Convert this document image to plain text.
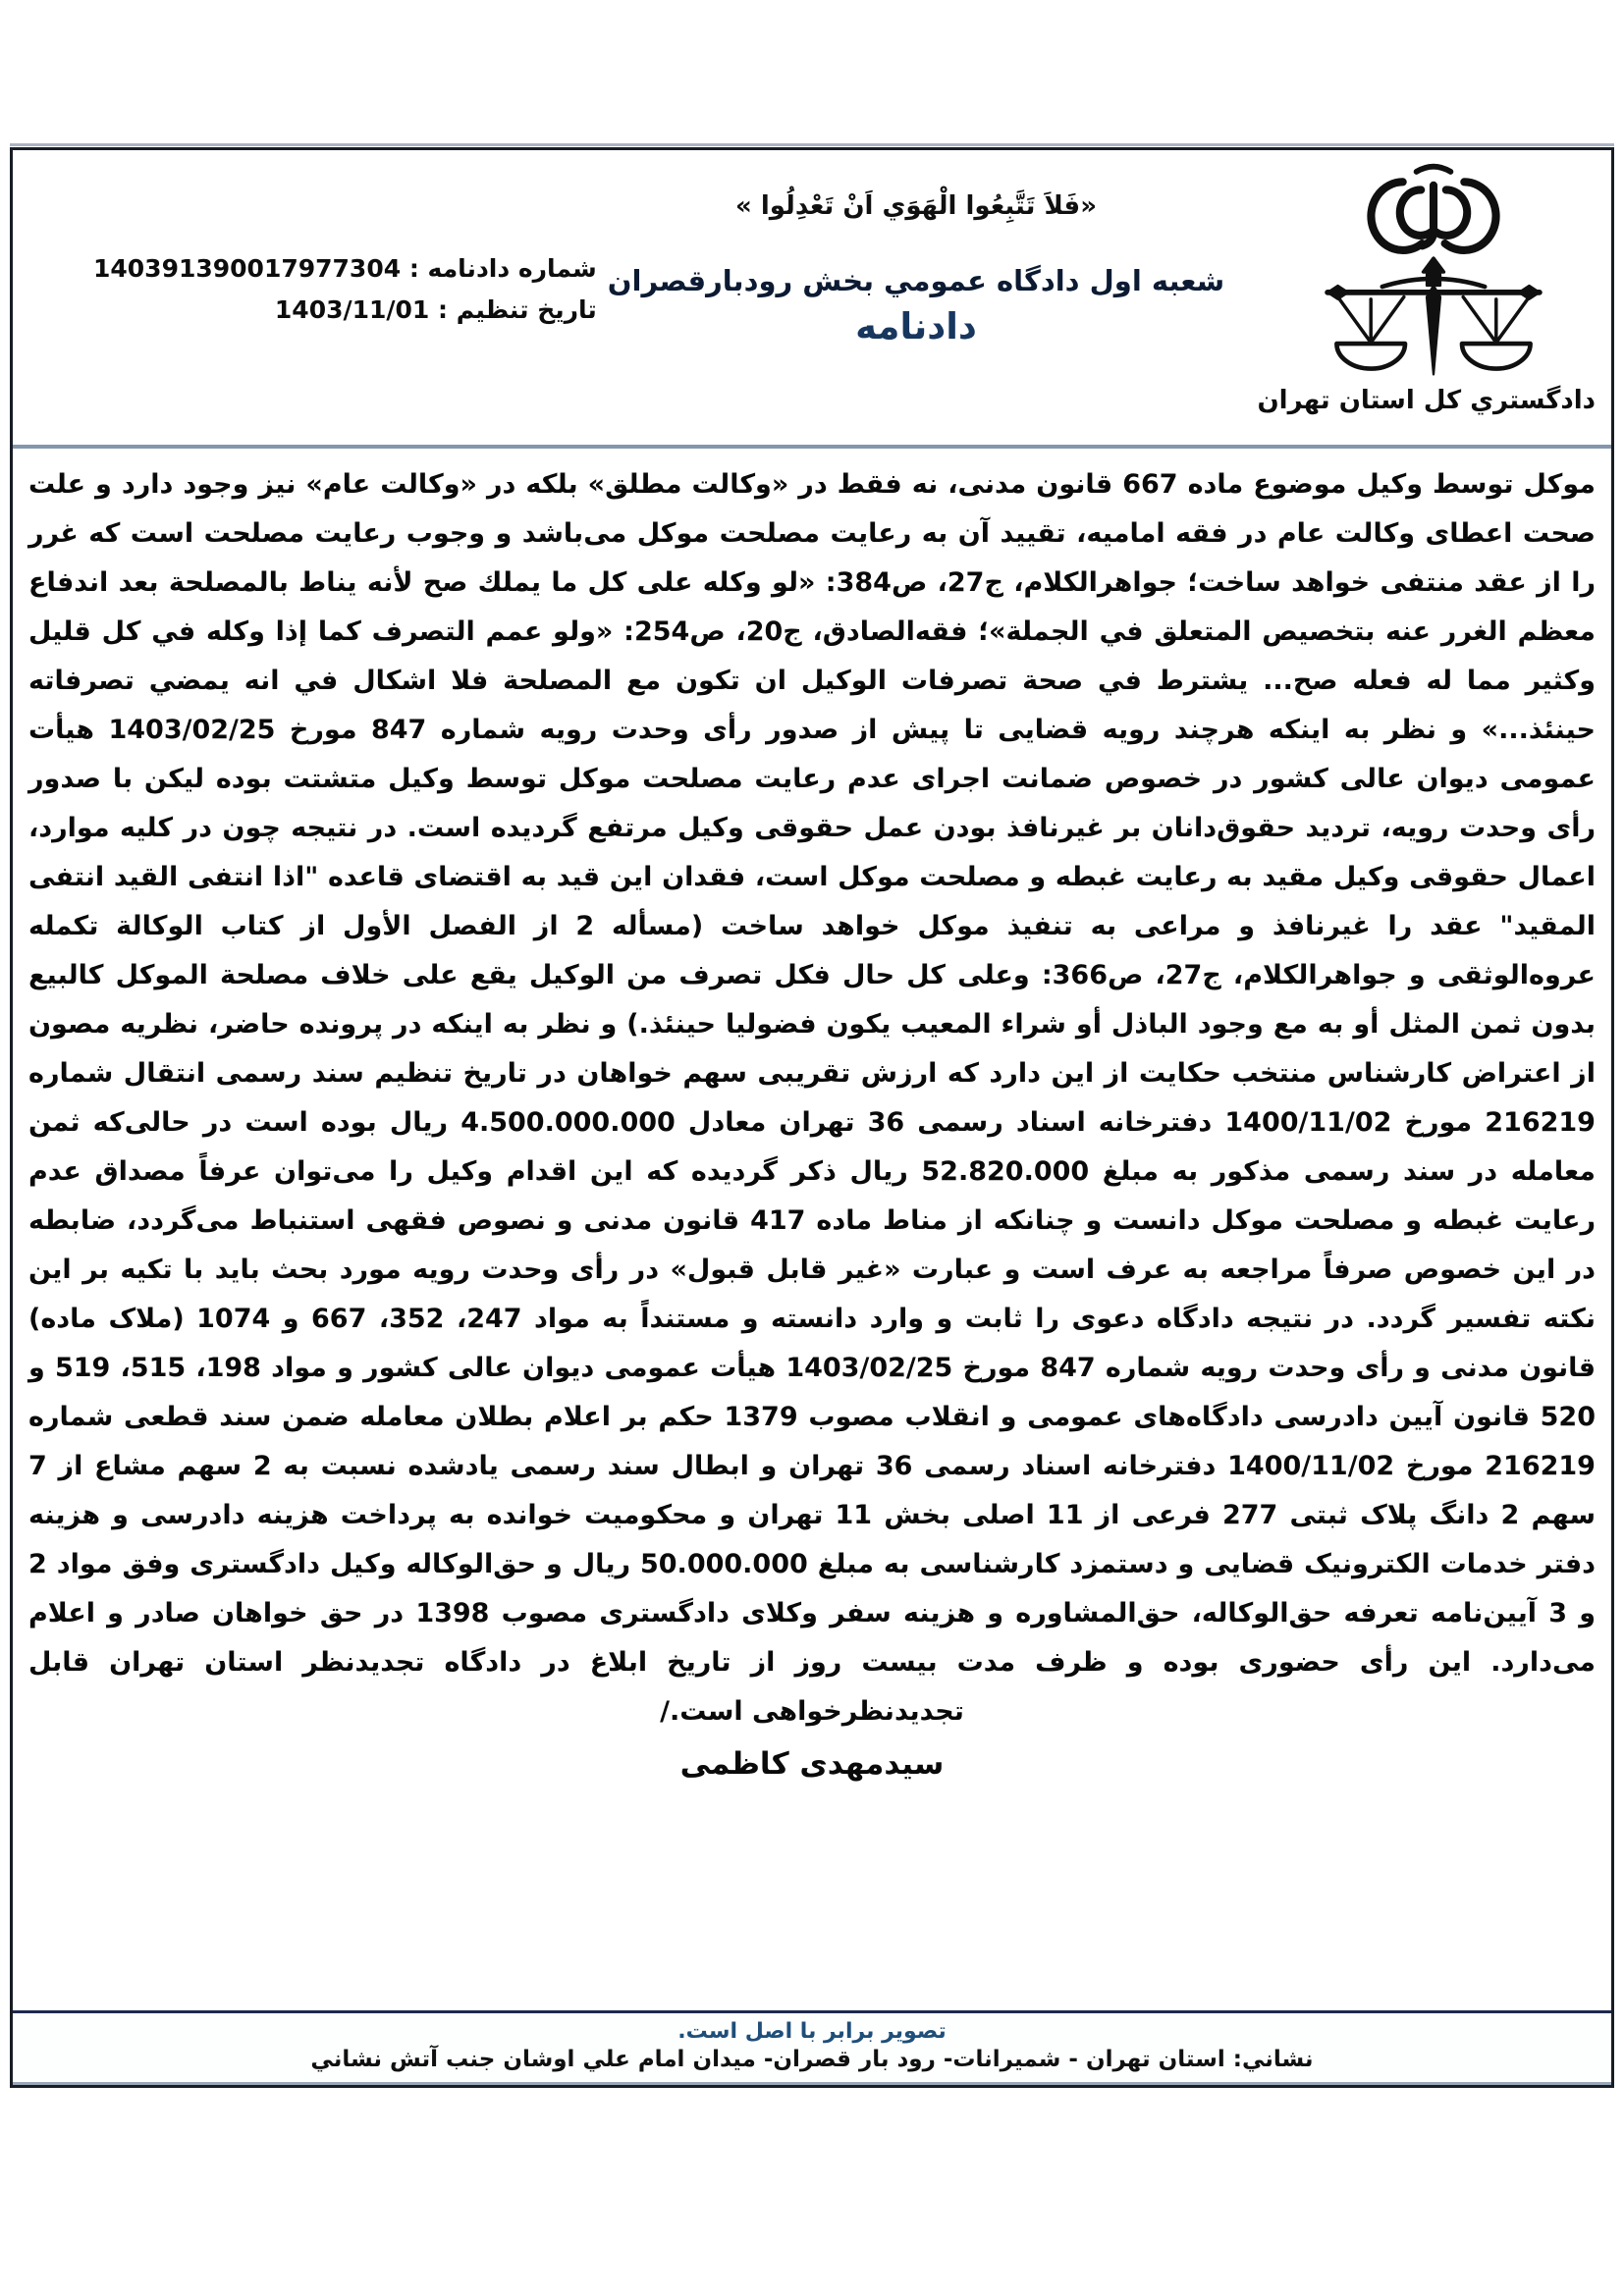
شماره دادنامه : 140391390017977304
تاریخ تنظیم : 1403/11/01
«فَلاَ تَتَّبِعُوا الْهَوَي اَنْ تَعْدِلُوا »
شعبه اول دادگاه عمومي بخش رودبارقصران
دادنامه
دادگستري کل استان تهران

موکل توسط وکیل موضوع ماده 667 قانون مدنی، نه فقط در «وکالت مطلق» بلکه در «وکالت عام» نیز وجود دارد و علت صحت اعطای وکالت عام در فقه امامیه، تقیید آن به رعایت مصلحت موکل می‌باشد و وجوب رعایت مصلحت است که غرر را از عقد منتفی خواهد ساخت؛ جواهرالکلام، ج27، ص384: «لو وکله علی کل ما یملك صح لأنه یناط بالمصلحة بعد اندفاع معظم الغرر عنه بتخصیص المتعلق في الجملة»؛ فقه‌الصادق، ج20، ص254: «ولو عمم التصرف کما إذا وکله في کل قلیل وکثیر مما له فعله صح... یشترط في صحة تصرفات الوکیل ان تکون مع المصلحة فلا اشکال في انه یمضي تصرفاته حینئذ...» و نظر به اینکه هرچند رویه قضایی تا پیش از صدور رأی وحدت رویه شماره 847 مورخ 1403/02/25 هیأت عمومی دیوان عالی کشور در خصوص ضمانت اجرای عدم رعایت مصلحت موکل توسط وکیل متشتت بوده لیکن با صدور رأی وحدت رویه، تردید حقوق‌دانان بر غیرنافذ بودن عمل حقوقی وکیل مرتفع گردیده است. در نتیجه چون در کلیه موارد، اعمال حقوقی وکیل مقید به رعایت غبطه و مصلحت موکل است، فقدان این قید به اقتضای قاعده "اذا انتفی القید انتفی المقید" عقد را غیرنافذ و مراعی به تنفیذ موکل خواهد ساخت (مسأله 2 از الفصل الأول از کتاب الوکالة تکمله عروه‌الوثقی و جواهرالکلام، ج27، ص366: وعلی کل حال فکل تصرف من الوکیل یقع علی خلاف مصلحة الموکل کالبیع بدون ثمن المثل أو به مع وجود الباذل أو شراء المعیب یکون فضولیا حینئذ.) و نظر به اینکه در پرونده حاضر، نظریه مصون از اعتراض کارشناس منتخب حکایت از این دارد که ارزش تقریبی سهم خواهان در تاریخ تنظیم سند رسمی انتقال شماره 216219 مورخ 1400/11/02 دفترخانه اسناد رسمی 36 تهران معادل 4.500.000.000 ریال بوده است در حالی‌که ثمن معامله در سند رسمی مذکور به مبلغ 52.820.000 ریال ذکر گردیده که این اقدام وکیل را می‌توان عرفاً مصداق عدم رعایت غبطه و مصلحت موکل دانست و چنانکه از مناط ماده 417 قانون مدنی و نصوص فقهی استنباط می‌گردد، ضابطه در این خصوص صرفاً مراجعه به عرف است و عبارت «غیر قابل قبول» در رأی وحدت رویه مورد بحث باید با تکیه بر این نکته تفسیر گردد. در نتیجه دادگاه دعوی را ثابت و وارد دانسته و مستنداً به مواد 247، 352، 667 و 1074 (ملاک ماده) قانون مدنی و رأی وحدت رویه شماره 847 مورخ 1403/02/25 هیأت عمومی دیوان عالی کشور و مواد 198، 515، 519 و 520 قانون آیین دادرسی دادگاه‌های عمومی و انقلاب مصوب 1379 حکم بر اعلام بطلان معامله ضمن سند قطعی شماره 216219 مورخ 1400/11/02 دفترخانه اسناد رسمی 36 تهران و ابطال سند رسمی یادشده نسبت به 2 سهم مشاع از 7 سهم 2 دانگ پلاک ثبتی 277 فرعی از 11 اصلی بخش 11 تهران و محکومیت خوانده به پرداخت هزینه دادرسی و هزینه دفتر خدمات الکترونیک قضایی و دستمزد کارشناسی به مبلغ 50.000.000 ریال و حق‌الوکاله وکیل دادگستری وفق مواد 2 و 3 آیین‌نامه تعرفه حق‌الوکاله، حق‌المشاوره و هزینه سفر وکلای دادگستری مصوب 1398 در حق خواهان صادر و اعلام می‌دارد. این رأی حضوری بوده و ظرف مدت بیست روز از تاریخ ابلاغ در دادگاه تجدیدنظر استان تهران قابل تجدیدنظرخواهی است./

سیدمهدی کاظمی
تصویر برابر با اصل است.
نشاني: استان تهران - شمیرانات- رود بار قصران- میدان امام علي اوشان جنب آتش نشاني
